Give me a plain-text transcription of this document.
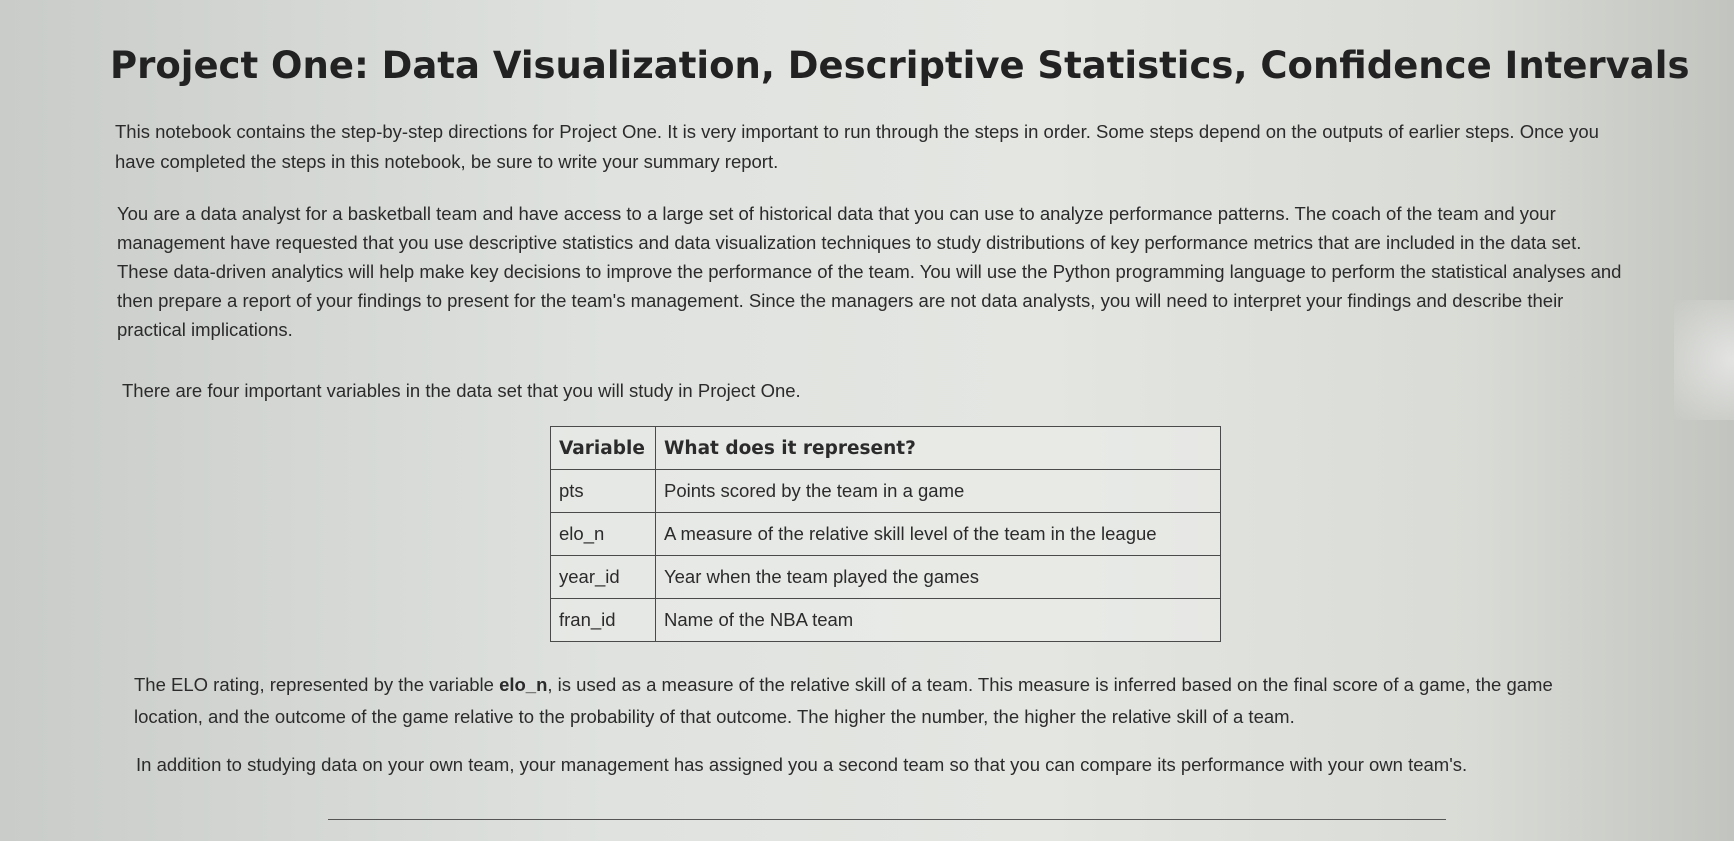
Project One: Data Visualization, Descriptive Statistics, Confidence Intervals
This notebook contains the step-by-step directions for Project One. It is very important to run through the steps in order. Some steps depend on the outputs of earlier steps. Once you have completed the steps in this notebook, be sure to write your summary report.
You are a data analyst for a basketball team and have access to a large set of historical data that you can use to analyze performance patterns. The coach of the team and your management have requested that you use descriptive statistics and data visualization techniques to study distributions of key performance metrics that are included in the data set. These data-driven analytics will help make key decisions to improve the performance of the team. You will use the Python programming language to perform the statistical analyses and then prepare a report of your findings to present for the team's management. Since the managers are not data analysts, you will need to interpret your findings and describe their practical implications.
There are four important variables in the data set that you will study in Project One.
Variable	What does it represent?
pts	Points scored by the team in a game
elo_n	A measure of the relative skill level of the team in the league
year_id	Year when the team played the games
fran_id	Name of the NBA team
The ELO rating, represented by the variable elo_n, is used as a measure of the relative skill of a team. This measure is inferred based on the final score of a game, the game location, and the outcome of the game relative to the probability of that outcome. The higher the number, the higher the relative skill of a team.
In addition to studying data on your own team, your management has assigned you a second team so that you can compare its performance with your own team's.
